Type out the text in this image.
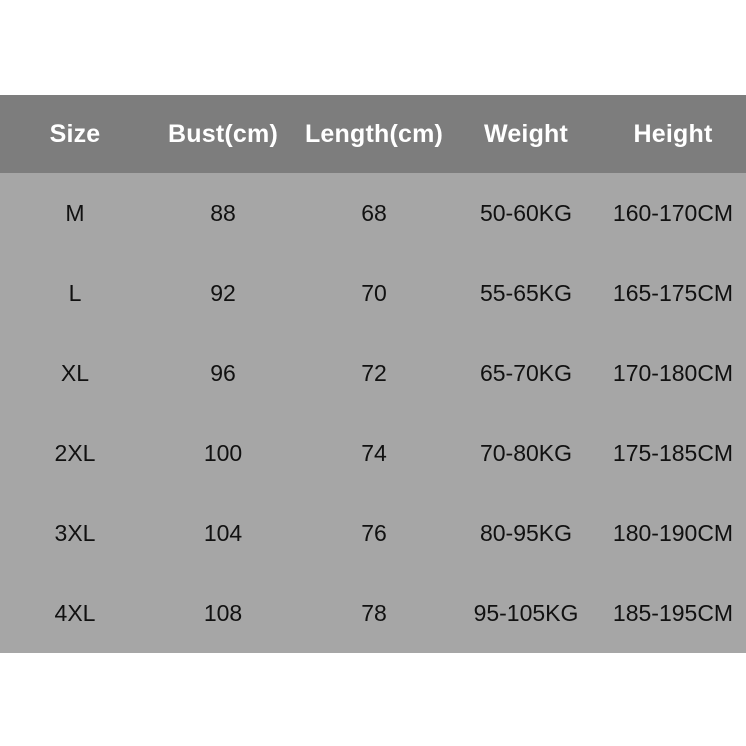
Size	Bust(cm)	Length(cm)	Weight	Height
M	88	68	50-60KG	160-170CM
L	92	70	55-65KG	165-175CM
XL	96	72	65-70KG	170-180CM
2XL	100	74	70-80KG	175-185CM
3XL	104	76	80-95KG	180-190CM
4XL	108	78	95-105KG	185-195CM
